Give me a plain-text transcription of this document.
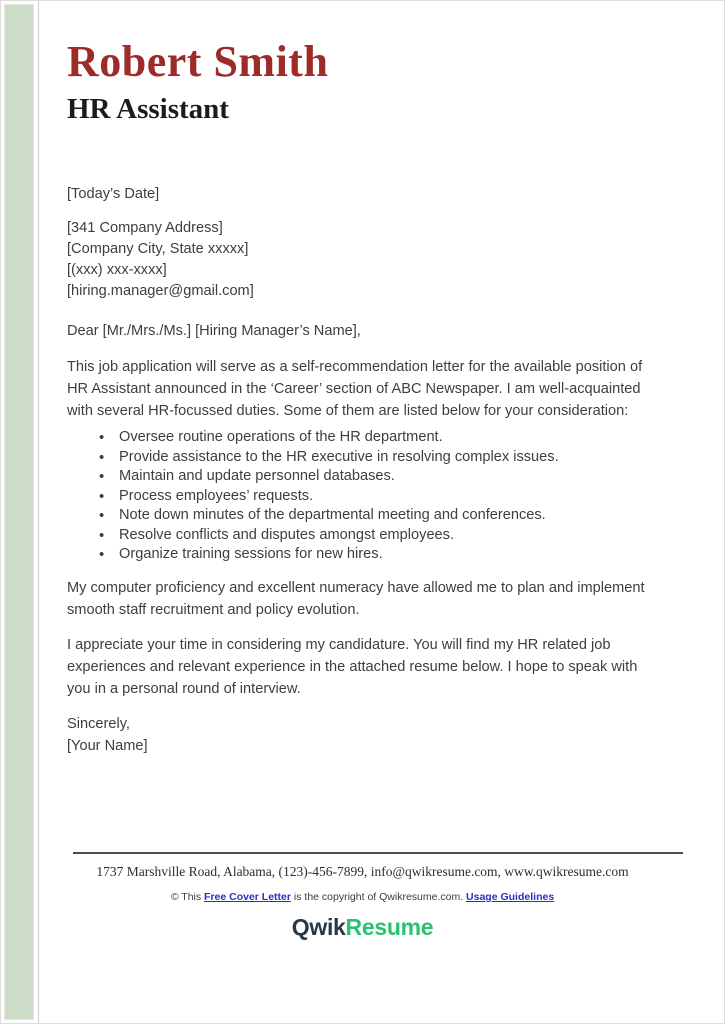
Robert Smith
HR Assistant

[Today’s Date]

[341 Company Address]

[Company City, State xxxxx]

[(xxx) xxx-xxxx]

[hiring.manager@gmail.com]

Dear [Mr./Mrs./Ms.] [Hiring Manager’s Name],

This job application will serve as a self-recommendation letter for the available position of HR Assistant announced in the ‘Career’ section of ABC Newspaper. I am well-acquainted with several HR-focussed duties. Some of them are listed below for your consideration:

• Oversee routine operations of the HR department.
• Provide assistance to the HR executive in resolving complex issues.
• Maintain and update personnel databases.
• Process employees’ requests.
• Note down minutes of the departmental meeting and conferences.
• Resolve conflicts and disputes amongst employees.
• Organize training sessions for new hires.

My computer proficiency and excellent numeracy have allowed me to plan and implement smooth staff recruitment and policy evolution.

I appreciate your time in considering my candidature. You will find my HR related job experiences and relevant experience in the attached resume below. I hope to speak with you in a personal round of interview.

Sincerely,

[Your Name]

1737 Marshville Road, Alabama, (123)-456-7899, info@qwikresume.com, www.qwikresume.com

© This Free Cover Letter is the copyright of Qwikresume.com. Usage Guidelines

QwikResume
